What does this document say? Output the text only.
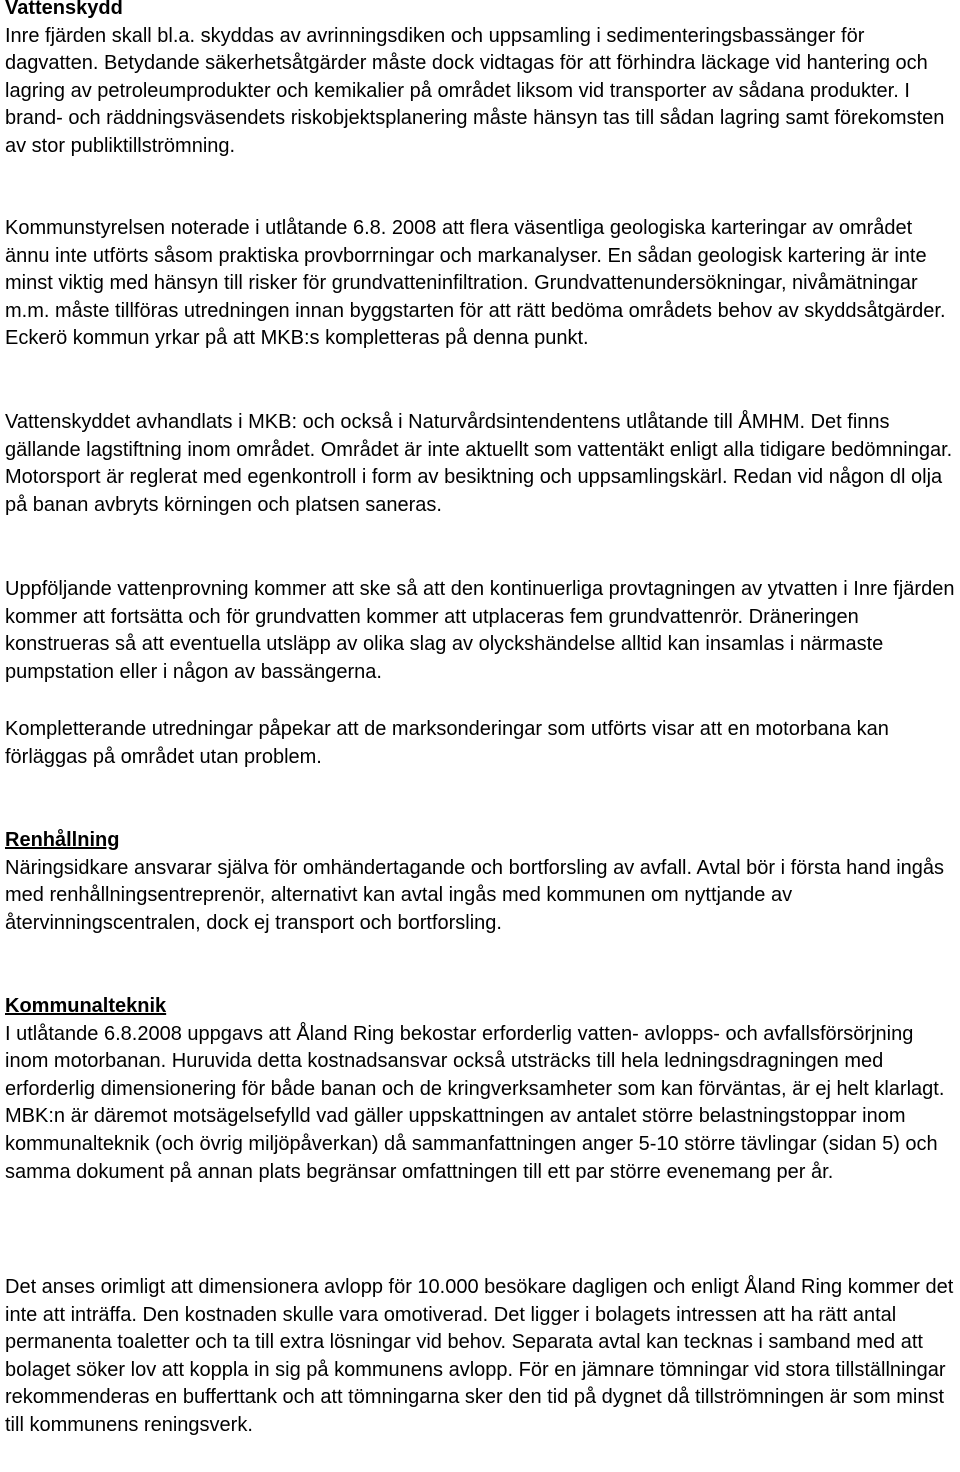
Vattenskydd

Inre fjärden skall bl.a. skyddas av avrinningsdiken och uppsamling i sedimenteringsbassänger för dagvatten. Betydande säkerhetsåtgärder måste dock vidtagas för att förhindra läckage vid hantering och lagring av petroleumprodukter och kemikalier på området liksom vid transporter av sådana produkter. I brand- och räddningsväsendets riskobjektsplanering måste hänsyn tas till sådan lagring samt förekomsten av stor publiktillströmning.

Kommunstyrelsen noterade i utlåtande 6.8. 2008 att flera väsentliga geologiska karteringar av området ännu inte utförts såsom praktiska provborrningar och markanalyser. En sådan geologisk kartering är inte minst viktig med hänsyn till risker för grundvatteninfiltration. Grundvattenundersökningar, nivåmätningar m.m. måste tillföras utredningen innan byggstarten för att rätt bedöma områdets behov av skyddsåtgärder. Eckerö kommun yrkar på att MKB:s kompletteras på denna punkt.

Vattenskyddet avhandlats i MKB: och också i Naturvårdsintendentens utlåtande till ÅMHM. Det finns gällande lagstiftning inom området. Området är inte aktuellt som vattentäkt enligt alla tidigare bedömningar. Motorsport är reglerat med egenkontroll i form av besiktning och uppsamlingskärl. Redan vid någon dl olja på banan avbryts körningen och platsen saneras.

Uppföljande vattenprovning kommer att ske så att den kontinuerliga provtagningen av ytvatten i Inre fjärden kommer att fortsätta och för grundvatten kommer att utplaceras fem grundvattenrör. Dräneringen konstrueras så att eventuella utsläpp av olika slag av olyckshändelse alltid kan insamlas i närmaste pumpstation eller i någon av bassängerna.

Kompletterande utredningar påpekar att de marksonderingar som utförts visar att en motorbana kan förläggas på området utan problem.

Renhållning

Näringsidkare ansvarar själva för omhändertagande och bortforsling av avfall. Avtal bör i första hand ingås med renhållningsentreprenör, alternativt kan avtal ingås med kommunen om nyttjande av återvinningscentralen, dock ej transport och bortforsling.

Kommunalteknik

I utlåtande 6.8.2008 uppgavs att Åland Ring bekostar erforderlig vatten- avlopps- och avfallsförsörjning inom motorbanan. Huruvida detta kostnadsansvar också utsträcks till hela ledningsdragningen med erforderlig dimensionering för både banan och de kringverksamheter som kan förväntas, är ej helt klarlagt. MBK:n är däremot motsägelsefylld vad gäller uppskattningen av antalet större belastningstoppar inom kommunalteknik (och övrig miljöpåverkan) då sammanfattningen anger 5-10 större tävlingar (sidan 5) och samma dokument på annan plats begränsar omfattningen till ett par större evenemang per år.

Det anses orimligt att dimensionera avlopp för 10.000 besökare dagligen och enligt Åland Ring kommer det inte att inträffa. Den kostnaden skulle vara omotiverad. Det ligger i bolagets intressen att ha rätt antal permanenta toaletter och ta till extra lösningar vid behov. Separata avtal kan tecknas i samband med att bolaget söker lov att koppla in sig på kommunens avlopp. För en jämnare tömningar vid stora tillställningar rekommenderas en bufferttank och att tömningarna sker den tid på dygnet då tillströmningen är som minst till kommunens reningsverk.
